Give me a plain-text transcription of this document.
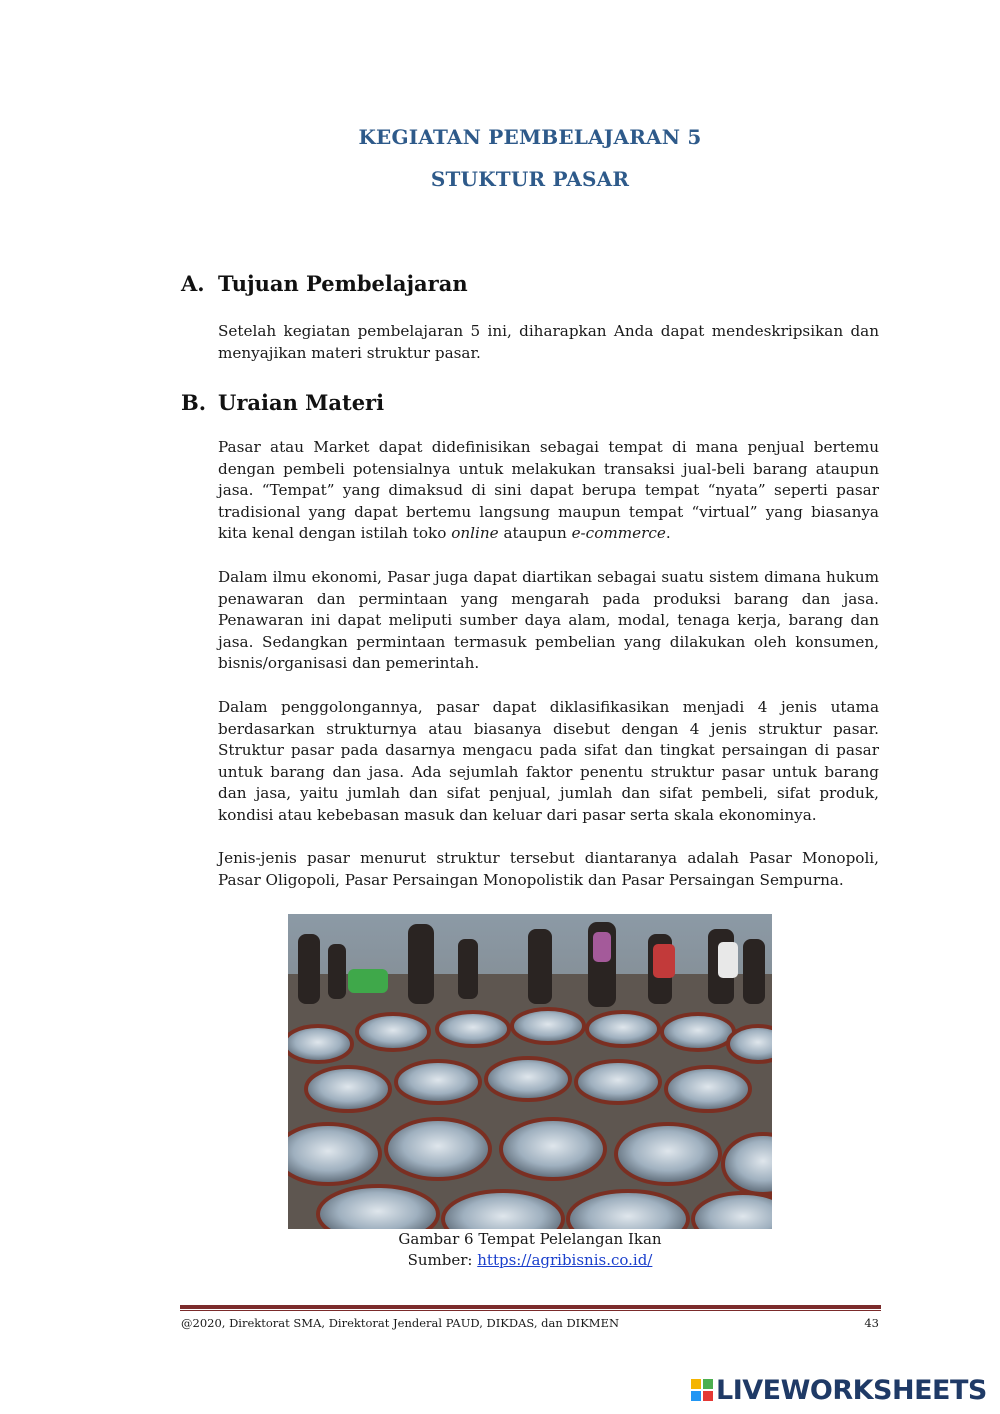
KEGIATAN PEMBELAJARAN 5
STUKTUR PASAR
A. Tujuan Pembelajaran
Setelah kegiatan pembelajaran 5 ini, diharapkan Anda dapat mendeskripsikan dan menyajikan materi struktur pasar.
B. Uraian Materi
Pasar atau Market dapat didefinisikan sebagai tempat di mana penjual bertemu dengan pembeli potensialnya untuk melakukan transaksi jual-beli barang ataupun jasa. “Tempat” yang dimaksud di sini dapat berupa tempat “nyata” seperti pasar tradisional yang dapat bertemu langsung maupun tempat “virtual” yang biasanya kita kenal dengan istilah toko online ataupun e-commerce.
Dalam ilmu ekonomi, Pasar juga dapat diartikan sebagai suatu sistem dimana hukum penawaran dan permintaan yang mengarah pada produksi barang dan jasa. Penawaran ini dapat meliputi sumber daya alam, modal, tenaga kerja, barang dan jasa. Sedangkan permintaan termasuk pembelian yang dilakukan oleh konsumen, bisnis/organisasi dan pemerintah.
Dalam penggolongannya, pasar dapat diklasifikasikan menjadi 4 jenis utama berdasarkan strukturnya atau biasanya disebut dengan 4 jenis struktur pasar. Struktur pasar pada dasarnya mengacu pada sifat dan tingkat persaingan di pasar untuk barang dan jasa. Ada sejumlah faktor penentu struktur pasar untuk barang dan jasa, yaitu jumlah dan sifat penjual, jumlah dan sifat pembeli, sifat produk, kondisi atau kebebasan masuk dan keluar dari pasar serta skala ekonominya.
Jenis-jenis pasar menurut struktur tersebut diantaranya adalah Pasar Monopoli, Pasar Oligopoli, Pasar Persaingan Monopolistik dan Pasar Persaingan Sempurna.
Gambar 6 Tempat Pelelangan Ikan
Sumber: https://agribisnis.co.id/
@2020, Direktorat SMA, Direktorat Jenderal PAUD, DIKDAS, dan DIKMEN	43
LIVEWORKSHEETS
